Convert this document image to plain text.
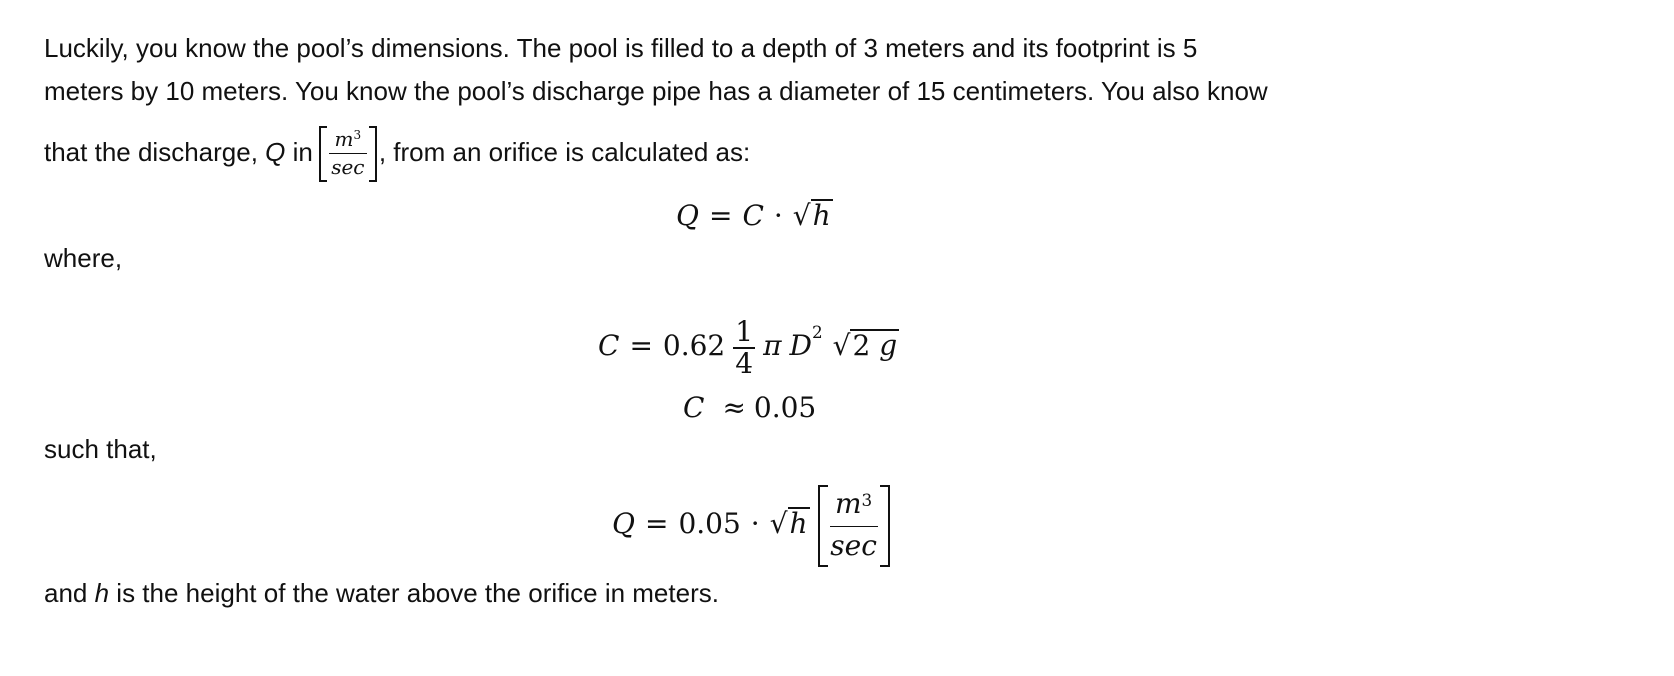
Luckily, you know the pool’s dimensions. The pool is filled to a depth of 3 meters and its footprint is 5
meters by 10 meters. You know the pool’s discharge pipe has a diameter of 15 centimeters. You also know
that the discharge, Q in $\frac{m^3}{\sec}$ , from an orifice is calculated as:
Q = C · √h
where,
$C = 0.62 \frac{1}{4}$ π $D^2$ √2 g
C ≈ 0.05
such that,
$Q = 0.05 \cdot √h \frac{m^3}{\sec}$
and h is the height of the water above the orifice in meters.
